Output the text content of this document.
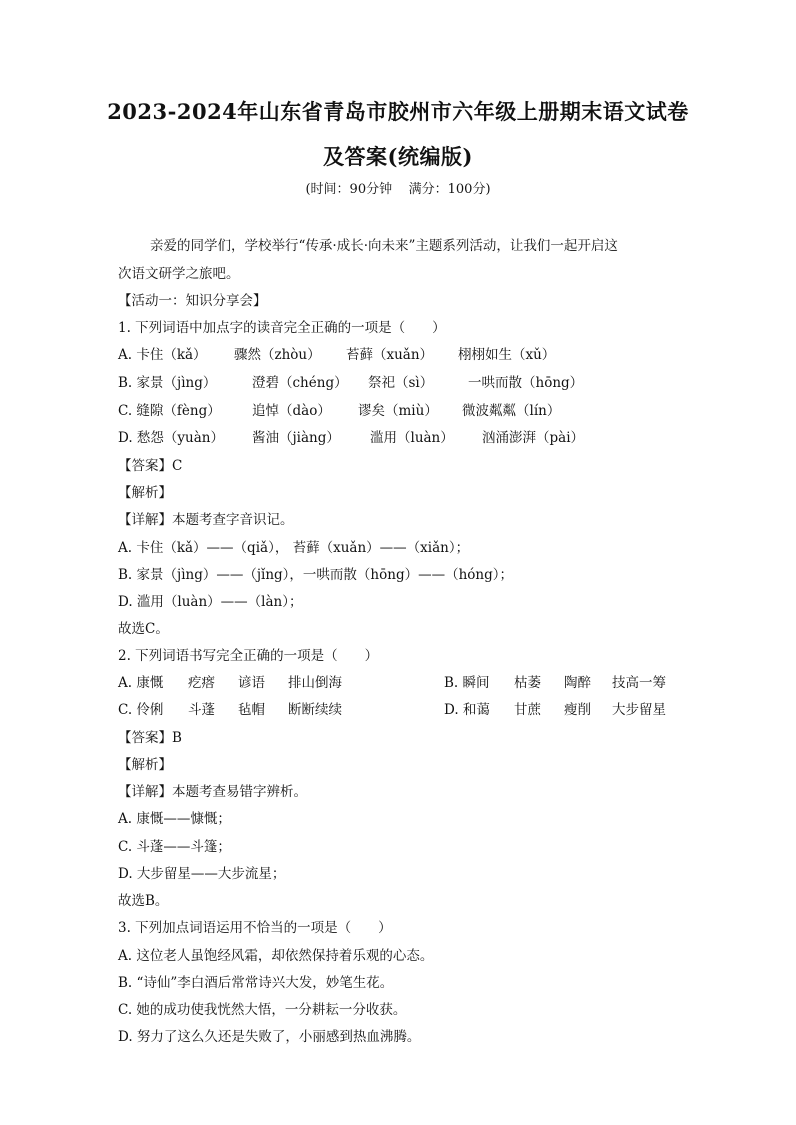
2023-2024年山东省青岛市胶州市六年级上册期末语文试卷
及答案(统编版)
(时间：90分钟    满分：100分)
亲爱的同学们，学校举行“传承·成长·向未来”主题系列活动，让我们一起开启这
次语文研学之旅吧。
【活动一：知识分享会】
1. 下列词语中加点字的读音完全正确的一项是（　　）
A. 卡住（kǎ） 骤然（zhòu） 苔藓（xuǎn） 栩栩如生（xǔ）
B. 家景（jìng）	澄碧（chéng） 祭祀（sì）	一哄而散（hōng）
C. 缝隙（fèng） 追悼（dào） 谬矣（miù） 微波粼粼（lín）
D. 愁怨（yuàn） 酱油（jiàng） 滥用（luàn） 汹涌澎湃（pài）
【答案】C
【解析】
【详解】本题考查字音识记。
A. 卡住（kǎ）——（qiǎ）， 苔藓（xuǎn）——（xiǎn）；
B. 家景（jìng）——（jǐng），一哄而散（hōng）——（hóng）；
D. 滥用（luàn）——（làn）；
故选C。
2. 下列词语书写完全正确的一项是（　　）
A. 康慨 疙瘩 谚语 排山倒海	B. 瞬间 枯萎 陶醉 技高一筹
C. 伶俐 斗蓬 毡帽 断断续续	D. 和蔼 甘蔗 瘦削 大步留星
【答案】B
【解析】
【详解】本题考查易错字辨析。
A. 康慨——慷慨；
C. 斗蓬——斗篷；
D. 大步留星——大步流星；
故选B。
3. 下列加点词语运用不恰当的一项是（　　）
A. 这位老人虽饱经风霜，却依然保持着乐观的心态。
B. “诗仙”李白酒后常常诗兴大发，妙笔生花。
C. 她的成功使我恍然大悟，一分耕耘一分收获。
D. 努力了这么久还是失败了，小丽感到热血沸腾。
